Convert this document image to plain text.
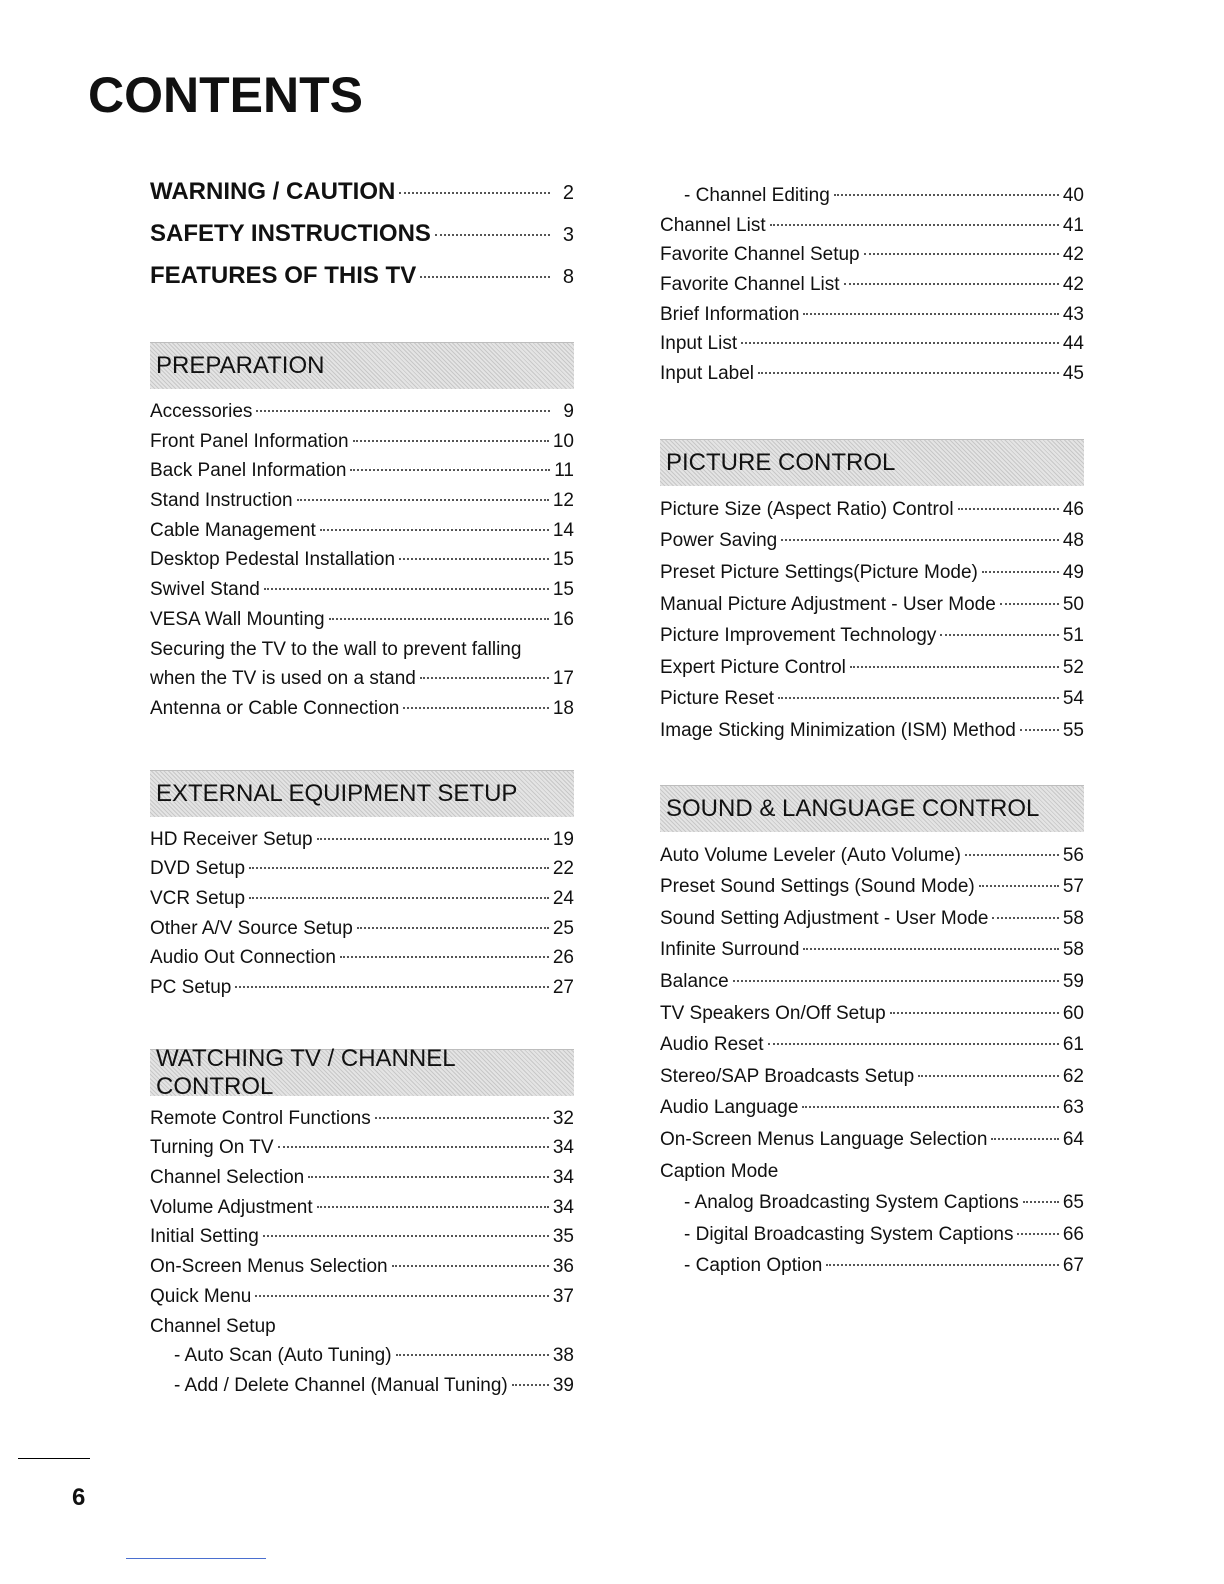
CONTENTS
WARNING / CAUTION	2
SAFETY INSTRUCTIONS	3
FEATURES OF THIS TV	8
PREPARATION
Accessories	9
Front Panel Information	10
Back Panel Information	11
Stand Instruction	12
Cable Management	14
Desktop Pedestal Installation	15
Swivel Stand	15
VESA Wall Mounting	16
Securing the TV to the wall to prevent falling
when the TV is used on a stand	17
Antenna or Cable Connection	18
EXTERNAL EQUIPMENT SETUP
HD Receiver Setup	19
DVD Setup	22
VCR Setup	24
Other A/V Source Setup	25
Audio Out Connection	26
PC Setup	27
WATCHING TV / CHANNEL CONTROL
Remote Control Functions	32
Turning On TV	34
Channel Selection	34
Volume Adjustment	34
Initial Setting	35
On-Screen Menus Selection	36
Quick Menu	37
Channel Setup
- Auto Scan (Auto Tuning)	38
- Add / Delete Channel (Manual Tuning) 39
- Channel Editing	40
Channel List	41
Favorite Channel Setup	42
Favorite Channel List	42
Brief Information	43
Input List	44
Input Label	45
PICTURE CONTROL
Picture Size (Aspect Ratio) Control	46
Power Saving	48
Preset Picture Settings(Picture Mode)	49
Manual Picture Adjustment - User Mode	50
Picture Improvement Technology	51
Expert Picture Control	52
Picture Reset	54
Image Sticking Minimization (ISM) Method 55
SOUND & LANGUAGE CONTROL
Auto Volume Leveler (Auto Volume)	56
Preset Sound Settings (Sound Mode)	57
Sound Setting Adjustment - User Mode	58
Infinite Surround	58
Balance	59
TV Speakers On/Off Setup	60
Audio Reset	61
Stereo/SAP Broadcasts Setup	62
Audio Language	63
On-Screen Menus Language Selection	64
Caption Mode
- Analog Broadcasting System Captions 65
- Digital Broadcasting System Captions	66
- Caption Option	67
6
